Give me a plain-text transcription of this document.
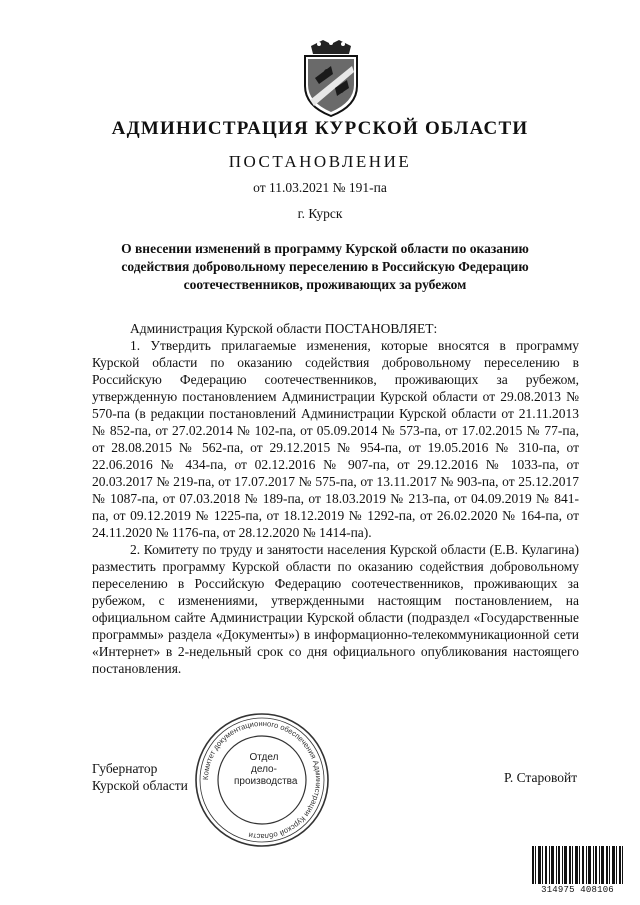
АДМИНИСТРАЦИЯ КУРСКОЙ ОБЛАСТИ
ПОСТАНОВЛЕНИЕ
от 11.03.2021 № 191-па
г. Курск
О внесении изменений в программу Курской области по оказанию
содействия добровольному переселению в Российскую Федерацию
соотечественников, проживающих за рубежом

Администрация Курской области ПОСТАНОВЛЯЕТ:

1. Утвердить прилагаемые изменения, которые вносятся в программу Курской области по оказанию содействия добровольному переселению в Российскую Федерацию соотечественников, проживающих за рубежом, утвержденную постановлением Администрации Курской области от 29.08.2013 № 570-па (в редакции постановлений Администрации Курской области от 21.11.2013 № 852-па, от 27.02.2014 № 102-па, от 05.09.2014 № 573-па, от 17.02.2015 № 77-па, от 28.08.2015 № 562-па, от 29.12.2015 № 954-па, от 19.05.2016 № 310-па, от 22.06.2016 № 434-па, от 02.12.2016 № 907-па, от 29.12.2016 № 1033-па, от 20.03.2017 № 219-па, от 17.07.2017 № 575-па, от 13.11.2017 № 903-па, от 25.12.2017 № 1087-па, от 07.03.2018 № 189-па, от 18.03.2019 № 213-па, от 04.09.2019 № 841-па, от 09.12.2019 № 1225-па, от 18.12.2019 № 1292-па, от 26.02.2020 № 164-па, от 24.11.2020 № 1176-па, от 28.12.2020 № 1414-па).

2. Комитету по труду и занятости населения Курской области (Е.В. Кулагина) разместить программу Курской области по оказанию содействия добровольному переселению в Российскую Федерацию соотечественников, проживающих за рубежом, с изменениями, утвержденными настоящим постановлением, на официальном сайте Администрации Курской области (подраздел «Государственные программы» раздела «Документы») в информационно-телекоммуникационной сети «Интернет» в 2-недельный срок со дня официального опубликования настоящего постановления.

Губернатор
Курской области
Р. Старовойт
Комитет документационного обеспечения Администрации Курской области
Отдел
дело-
производства
314975 408106
